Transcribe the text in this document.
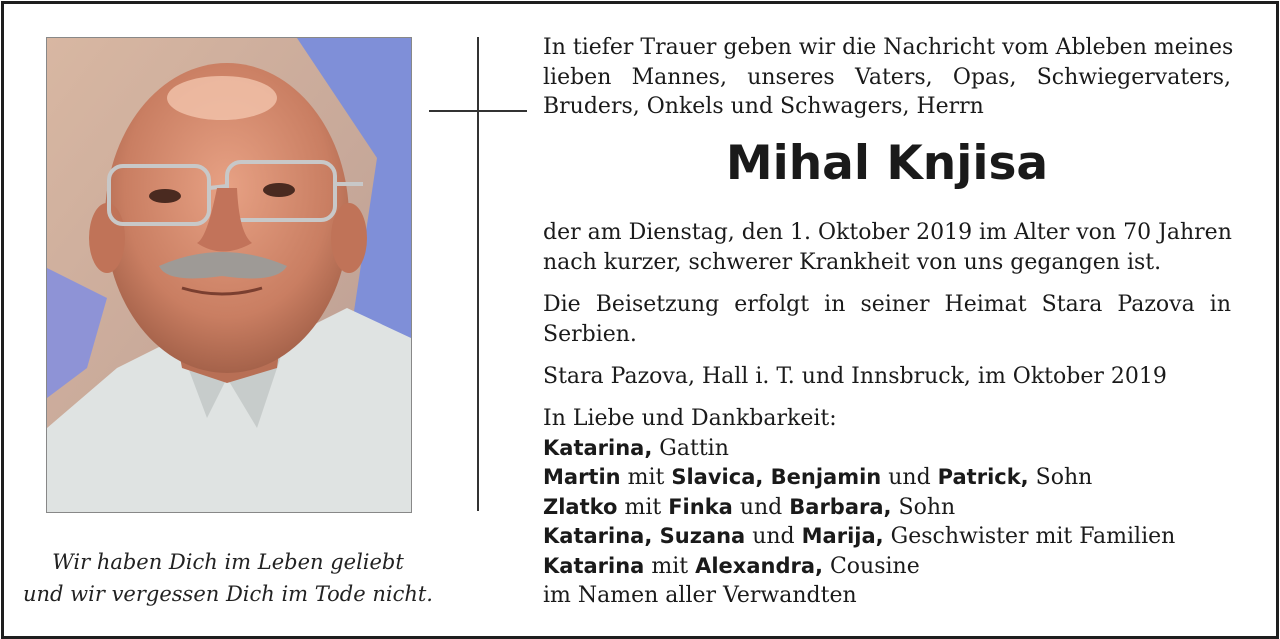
Wir haben Dich im Leben geliebt
und wir vergessen Dich im Tode nicht.
In tiefer Trauer geben wir die Nachricht vom Ableben meines
lieben Mannes, unseres Vaters, Opas, Schwiegervaters,
Bruders, Onkels und Schwagers, Herrn
Mihal Knjisa
der am Dienstag, den 1. Oktober 2019 im Alter von 70 Jahren
nach kurzer, schwerer Krankheit von uns gegangen ist.
Die Beisetzung erfolgt in seiner Heimat Stara Pazova in
Serbien.
Stara Pazova, Hall i. T. und Innsbruck, im Oktober 2019
In Liebe und Dankbarkeit:
Katarina, Gattin
Martin mit Slavica, Benjamin und Patrick, Sohn
Zlatko mit Finka und Barbara, Sohn
Katarina, Suzana und Marija, Geschwister mit Familien
Katarina mit Alexandra, Cousine
im Namen aller Verwandten
